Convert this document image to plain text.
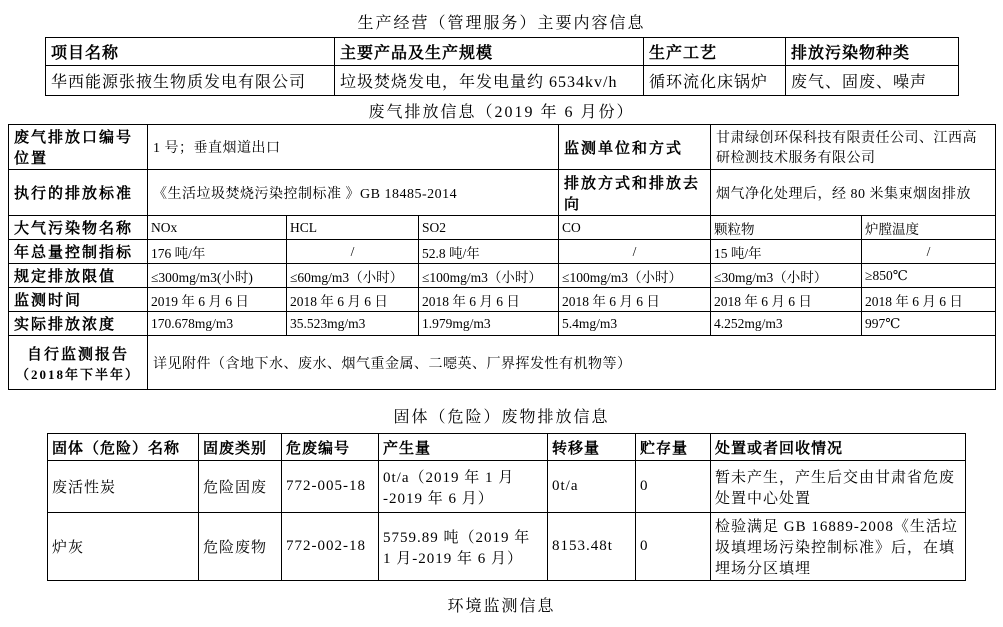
生产经营（管理服务）主要内容信息
项目名称	主要产品及生产规模	生产工艺	排放污染物种类
华西能源张掖生物质发电有限公司	垃圾焚烧发电，年发电量约 6534kv/h	循环流化床锅炉	废气、固废、噪声
废气排放信息（2019 年 6 月份）
废气排放口编号位置	1 号；垂直烟道出口			监测单位和方式	甘肃绿创环保科技有限责任公司、江西高研检测技术服务有限公司	
执行的排放标准	《生活垃圾焚烧污染控制标准 》GB 18485-2014			排放方式和排放去向	烟气净化处理后，经 80 米集束烟囱排放	
大气污染物名称	NOx	HCL	SO2	CO	颗粒物	炉膛温度
年总量控制指标	176 吨/年	/	52.8 吨/年	/	15 吨/年	/
规定排放限值	≤300mg/m3(小时)	≤60mg/m3（小时）	≤100mg/m3（小时）	≤100mg/m3（小时）	≤30mg/m3（小时）	≥850℃
监测时间	2019 年 6 月 6 日	2018 年 6 月 6 日	2018 年 6 月 6 日	2018 年 6 月 6 日	2018 年 6 月 6 日	2018 年 6 月 6 日
实际排放浓度	170.678mg/m3	35.523mg/m3	1.979mg/m3	5.4mg/m3	4.252mg/m3	997℃

自行监测报告
（2018年下半年）	详见附件（含地下水、废水、烟气重金属、二噁英、厂界挥发性有机物等）					
固体（危险）废物排放信息
固体（危险）名称	固废类别	危废编号	产生量	转移量	贮存量	处置或者回收情况
废活性炭	危险固废	772-005-18	0t/a（2019 年 1 月 -2019 年 6 月）	0t/a	0	暂未产生，产生后交由甘肃省危废处置中心处置
炉灰	危险废物	772-002-18	5759.89 吨（2019 年 1 月-2019 年 6 月）	8153.48t	0	检验满足 GB 16889-2008《生活垃圾填埋场污染控制标准》后，在填埋场分区填埋
环境监测信息
